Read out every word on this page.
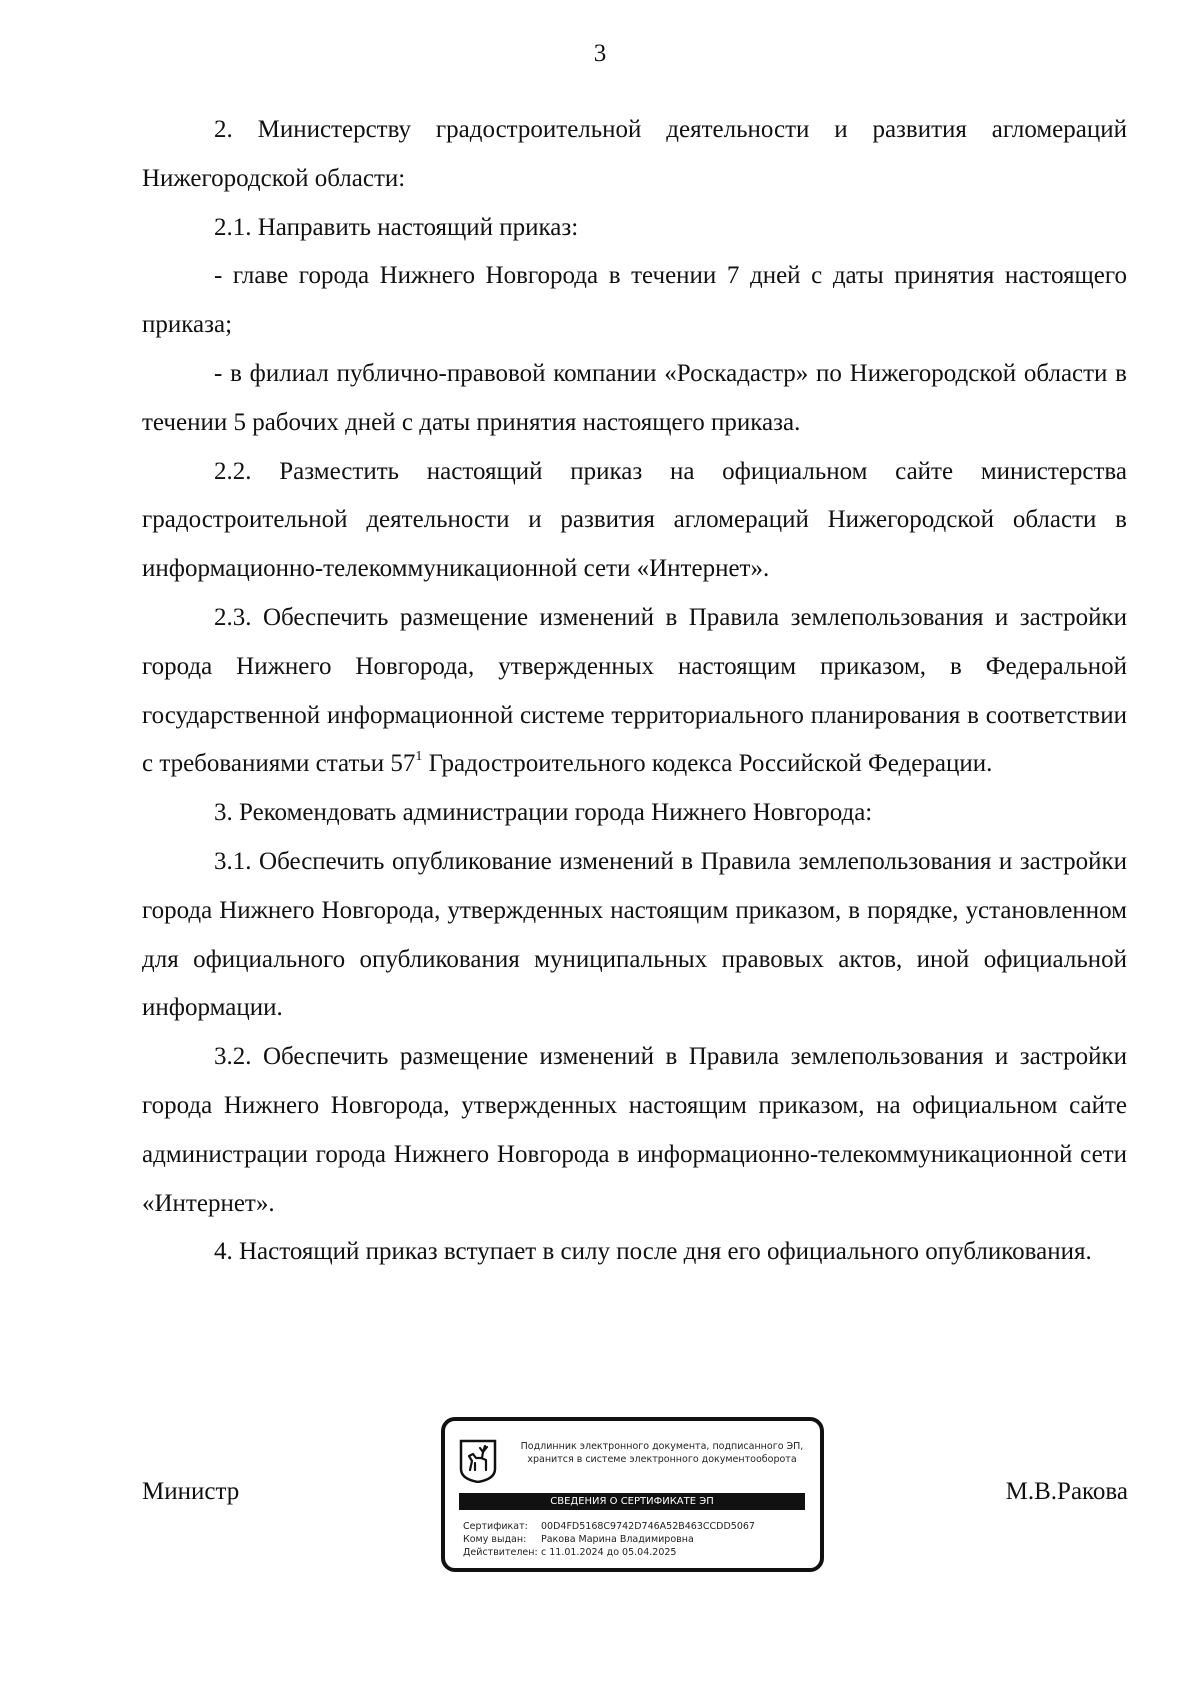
3

2. Министерству градостроительной деятельности и развития агломераций Нижегородской области:

2.1. Направить настоящий приказ:

- главе города Нижнего Новгорода в течении 7 дней с даты принятия настоящего приказа;

- в филиал публично-правовой компании «Роскадастр» по Нижегородской области в течении 5 рабочих дней с даты принятия настоящего приказа.

2.2. Разместить настоящий приказ на официальном сайте министерства градостроительной деятельности и развития агломераций Нижегородской области в информационно-телекоммуникационной сети «Интернет».

2.3. Обеспечить размещение изменений в Правила землепользования и застройки города Нижнего Новгорода, утвержденных настоящим приказом, в Федеральной государственной информационной системе территориального планирования в соответствии с требованиями статьи $57^1$ Градостроительного кодекса Российской Федерации.

3. Рекомендовать администрации города Нижнего Новгорода:

3.1. Обеспечить опубликование изменений в Правила землепользования и застройки города Нижнего Новгорода, утвержденных настоящим приказом, в порядке, установленном для официального опубликования муниципальных правовых актов, иной официальной информации.

3.2. Обеспечить размещение изменений в Правила землепользования и застройки города Нижнего Новгорода, утвержденных настоящим приказом, на официальном сайте администрации города Нижнего Новгорода в информационно-телекоммуникационной сети «Интернет».

4. Настоящий приказ вступает в силу после дня его официального опубликования.

Министр	М.В.Ракова
Подлинник электронного документа, подписанного ЭП,
хранится в системе электронного документооборота
СВЕДЕНИЯ О СЕРТИФИКАТЕ ЭП
Сертификат: 00D4FD5168C9742D746A52B463CCDD5067
Кому выдан: Ракова Марина Владимировна
Действителен: с 11.01.2024 до 05.04.2025
